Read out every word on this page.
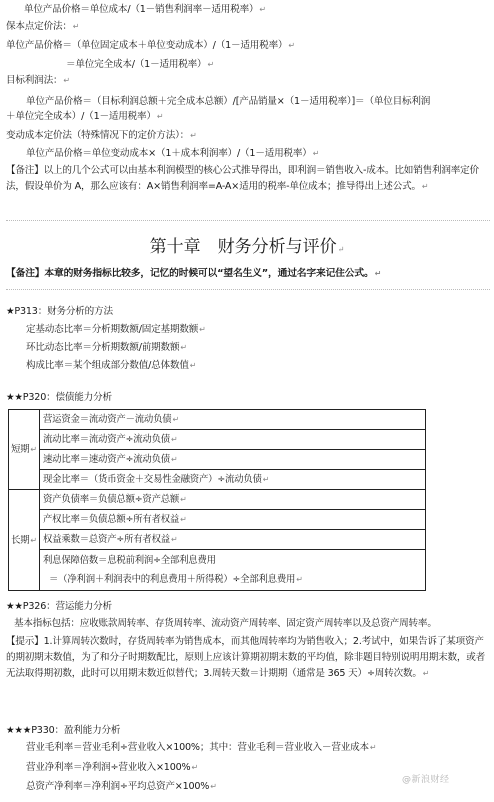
单位产品价格＝单位成本/（1－销售利润率－适用税率）↵
保本点定价法：↵
单位产品价格＝（单位固定成本＋单位变动成本）/（1－适用税率）↵
＝单位完全成本/（1－适用税率）↵
目标利润法：↵
单位产品价格＝（目标利润总额＋完全成本总额）/[产品销量×（1－适用税率）]＝（单位目标利润
＋单位完全成本）/（1－适用税率）↵
变动成本定价法（特殊情况下的定价方法）：↵
单位产品价格＝单位变动成本×（1＋成本利润率）/（1－适用税率）↵
【备注】以上的几个公式可以由基本利润模型的核心公式推导得出，即利润＝销售收入-成本。比如销售利润率定价法，假设单价为 A，那么应该有：A×销售利润率=A-A×适用的税率-单位成本；推导得出上述公式。↵
第十章　财务分析与评价↵
【备注】本章的财务指标比较多，记忆的时候可以“望名生义”，通过名字来记住公式。↵
★P313：财务分析的方法
定基动态比率＝分析期数额/固定基期数额↵
环比动态比率＝分析期数额/前期数额↵
构成比率＝某个组成部分数值/总体数值↵
★★P320：偿债能力分析
短期↵	营运资金＝流动资产－流动负债↵
	流动比率＝流动资产÷流动负债↵
	速动比率＝速动资产÷流动负债↵
	现金比率＝（货币资金＋交易性金融资产）÷流动负债↵
长期↵	资产负债率＝负债总额÷资产总额↵
	产权比率＝负债总额÷所有者权益↵
	权益乘数＝总资产÷所有者权益↵
	利息保障倍数＝息税前利润÷全部利息费用
＝（净利润＋利润表中的利息费用＋所得税）÷全部利息费用↵
★★P326：营运能力分析
基本指标包括：应收账款周转率、存货周转率、流动资产周转率、固定资产周转率以及总资产周转率。
【提示】1.计算周转次数时，存货周转率为销售成本，而其他周转率均为销售收入；2.考试中，如果告诉了某项资产的期初期末数值，为了和分子时期数配比，原则上应该计算期初期末数的平均值，除非题目特别说明用期末数，或者无法取得期初数，此时可以用期末数近似替代；3.周转天数＝计期期（通常是 365 天）÷周转次数。↵
★★★P330：盈利能力分析
营业毛利率＝营业毛利÷营业收入×100%；其中：营业毛利＝营业收入－营业成本↵
营业净利率＝净利润÷营业收入×100%↵
总资产净利率＝净利润÷平均总资产×100%↵
@新浪财经
